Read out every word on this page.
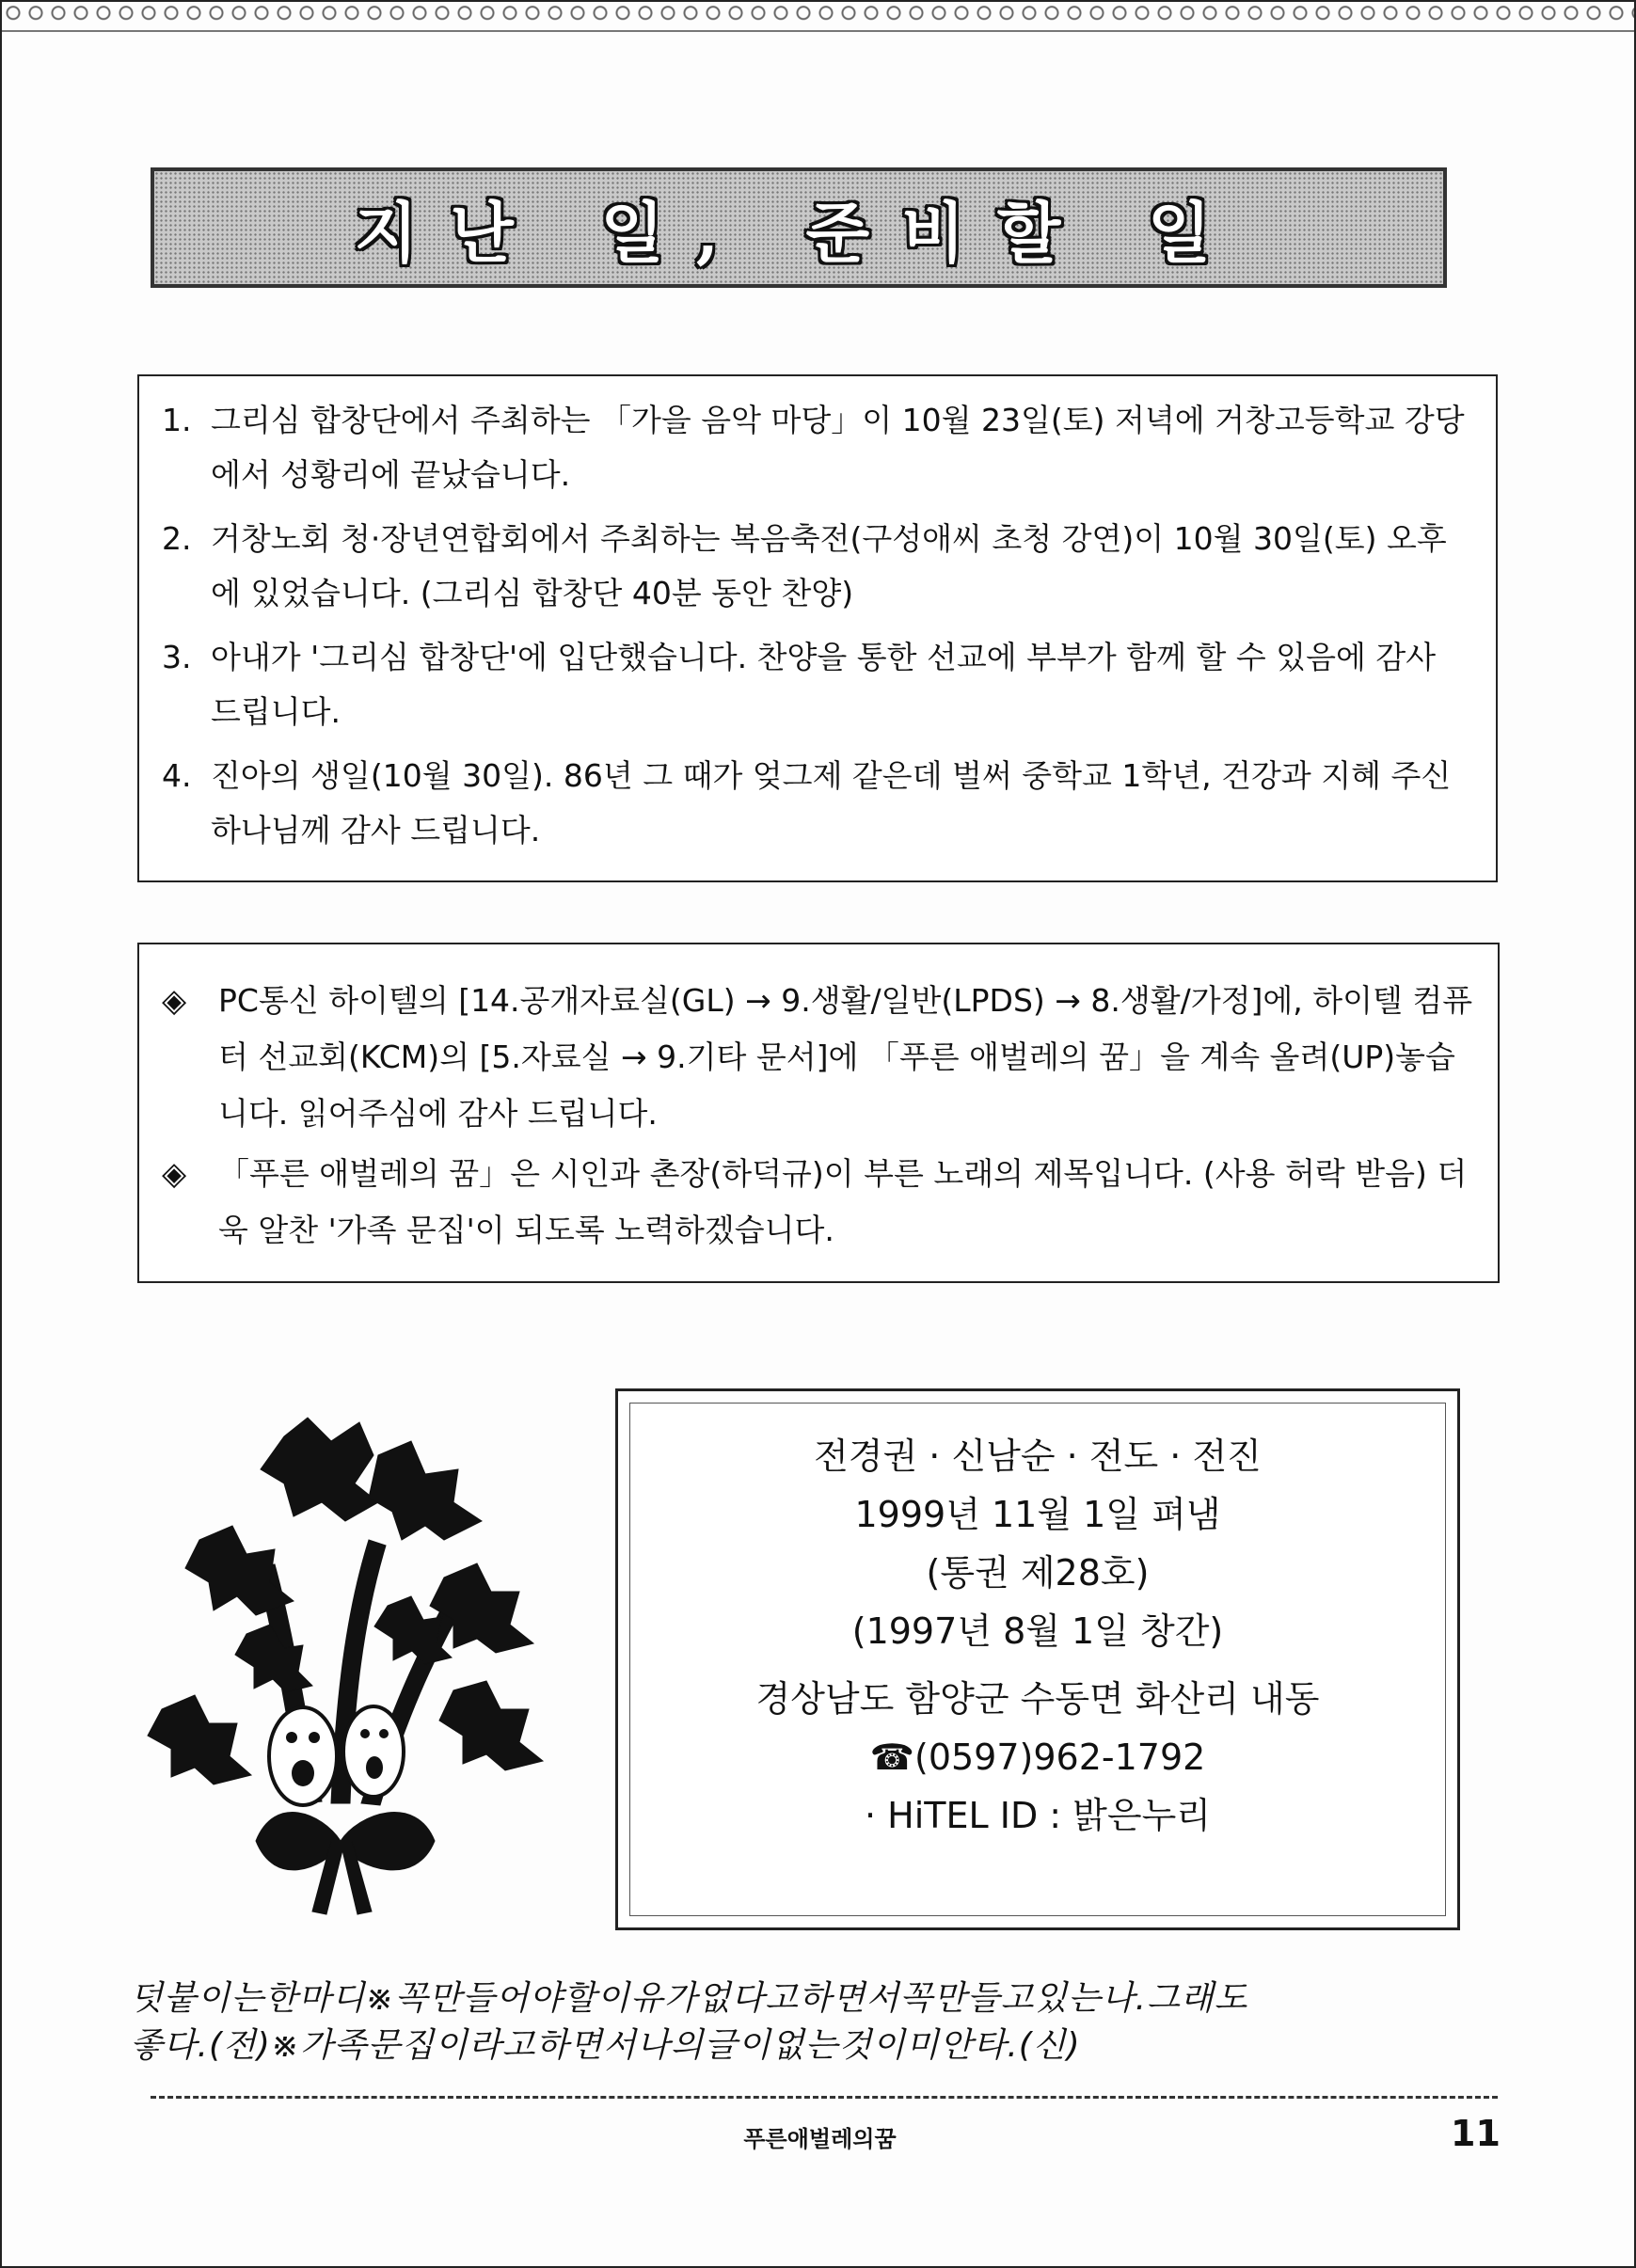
지난 일, 준비할 일
1. 그리심 합창단에서 주최하는 「가을 음악 마당」이 10월 23일(토) 저녁에 거창고등학교 강당에서 성황리에 끝났습니다.
2. 거창노회 청·장년연합회에서 주최하는 복음축전(구성애씨 초청 강연)이 10월 30일(토) 오후에 있었습니다. (그리심 합창단 40분 동안 찬양)
3. 아내가 '그리심 합창단'에 입단했습니다. 찬양을 통한 선교에 부부가 함께 할 수 있음에 감사 드립니다.
4. 진아의 생일(10월 30일). 86년 그 때가 엊그제 같은데 벌써 중학교 1학년, 건강과 지혜 주신 하나님께 감사 드립니다.
◈ PC통신 하이텔의 [14.공개자료실(GL) → 9.생활/일반(LPDS) → 8.생활/가정]에, 하이텔 컴퓨터 선교회(KCM)의 [5.자료실 → 9.기타 문서]에 「푸른 애벌레의 꿈」을 계속 올려(UP)놓습니다. 읽어주심에 감사 드립니다.
◈ 「푸른 애벌레의 꿈」은 시인과 촌장(하덕규)이 부른 노래의 제목입니다. (사용 허락 받음) 더욱 알찬 '가족 문집'이 되도록 노력하겠습니다.
전경권 · 신남순 · 전도 · 전진
1999년 11월 1일 펴냄
(통권 제28호)
(1997년 8월 1일 창간)
경상남도 함양군 수동면 화산리 내동
☎(0597)962-1792
· HiTEL ID : 밝은누리
덧붙이는한마디※꼭만들어야할이유가없다고하면서꼭만들고있는나.그래도
좋다.(전)※가족문집이라고하면서나의글이없는것이미안타.(신)
푸른애벌레의꿈	11
